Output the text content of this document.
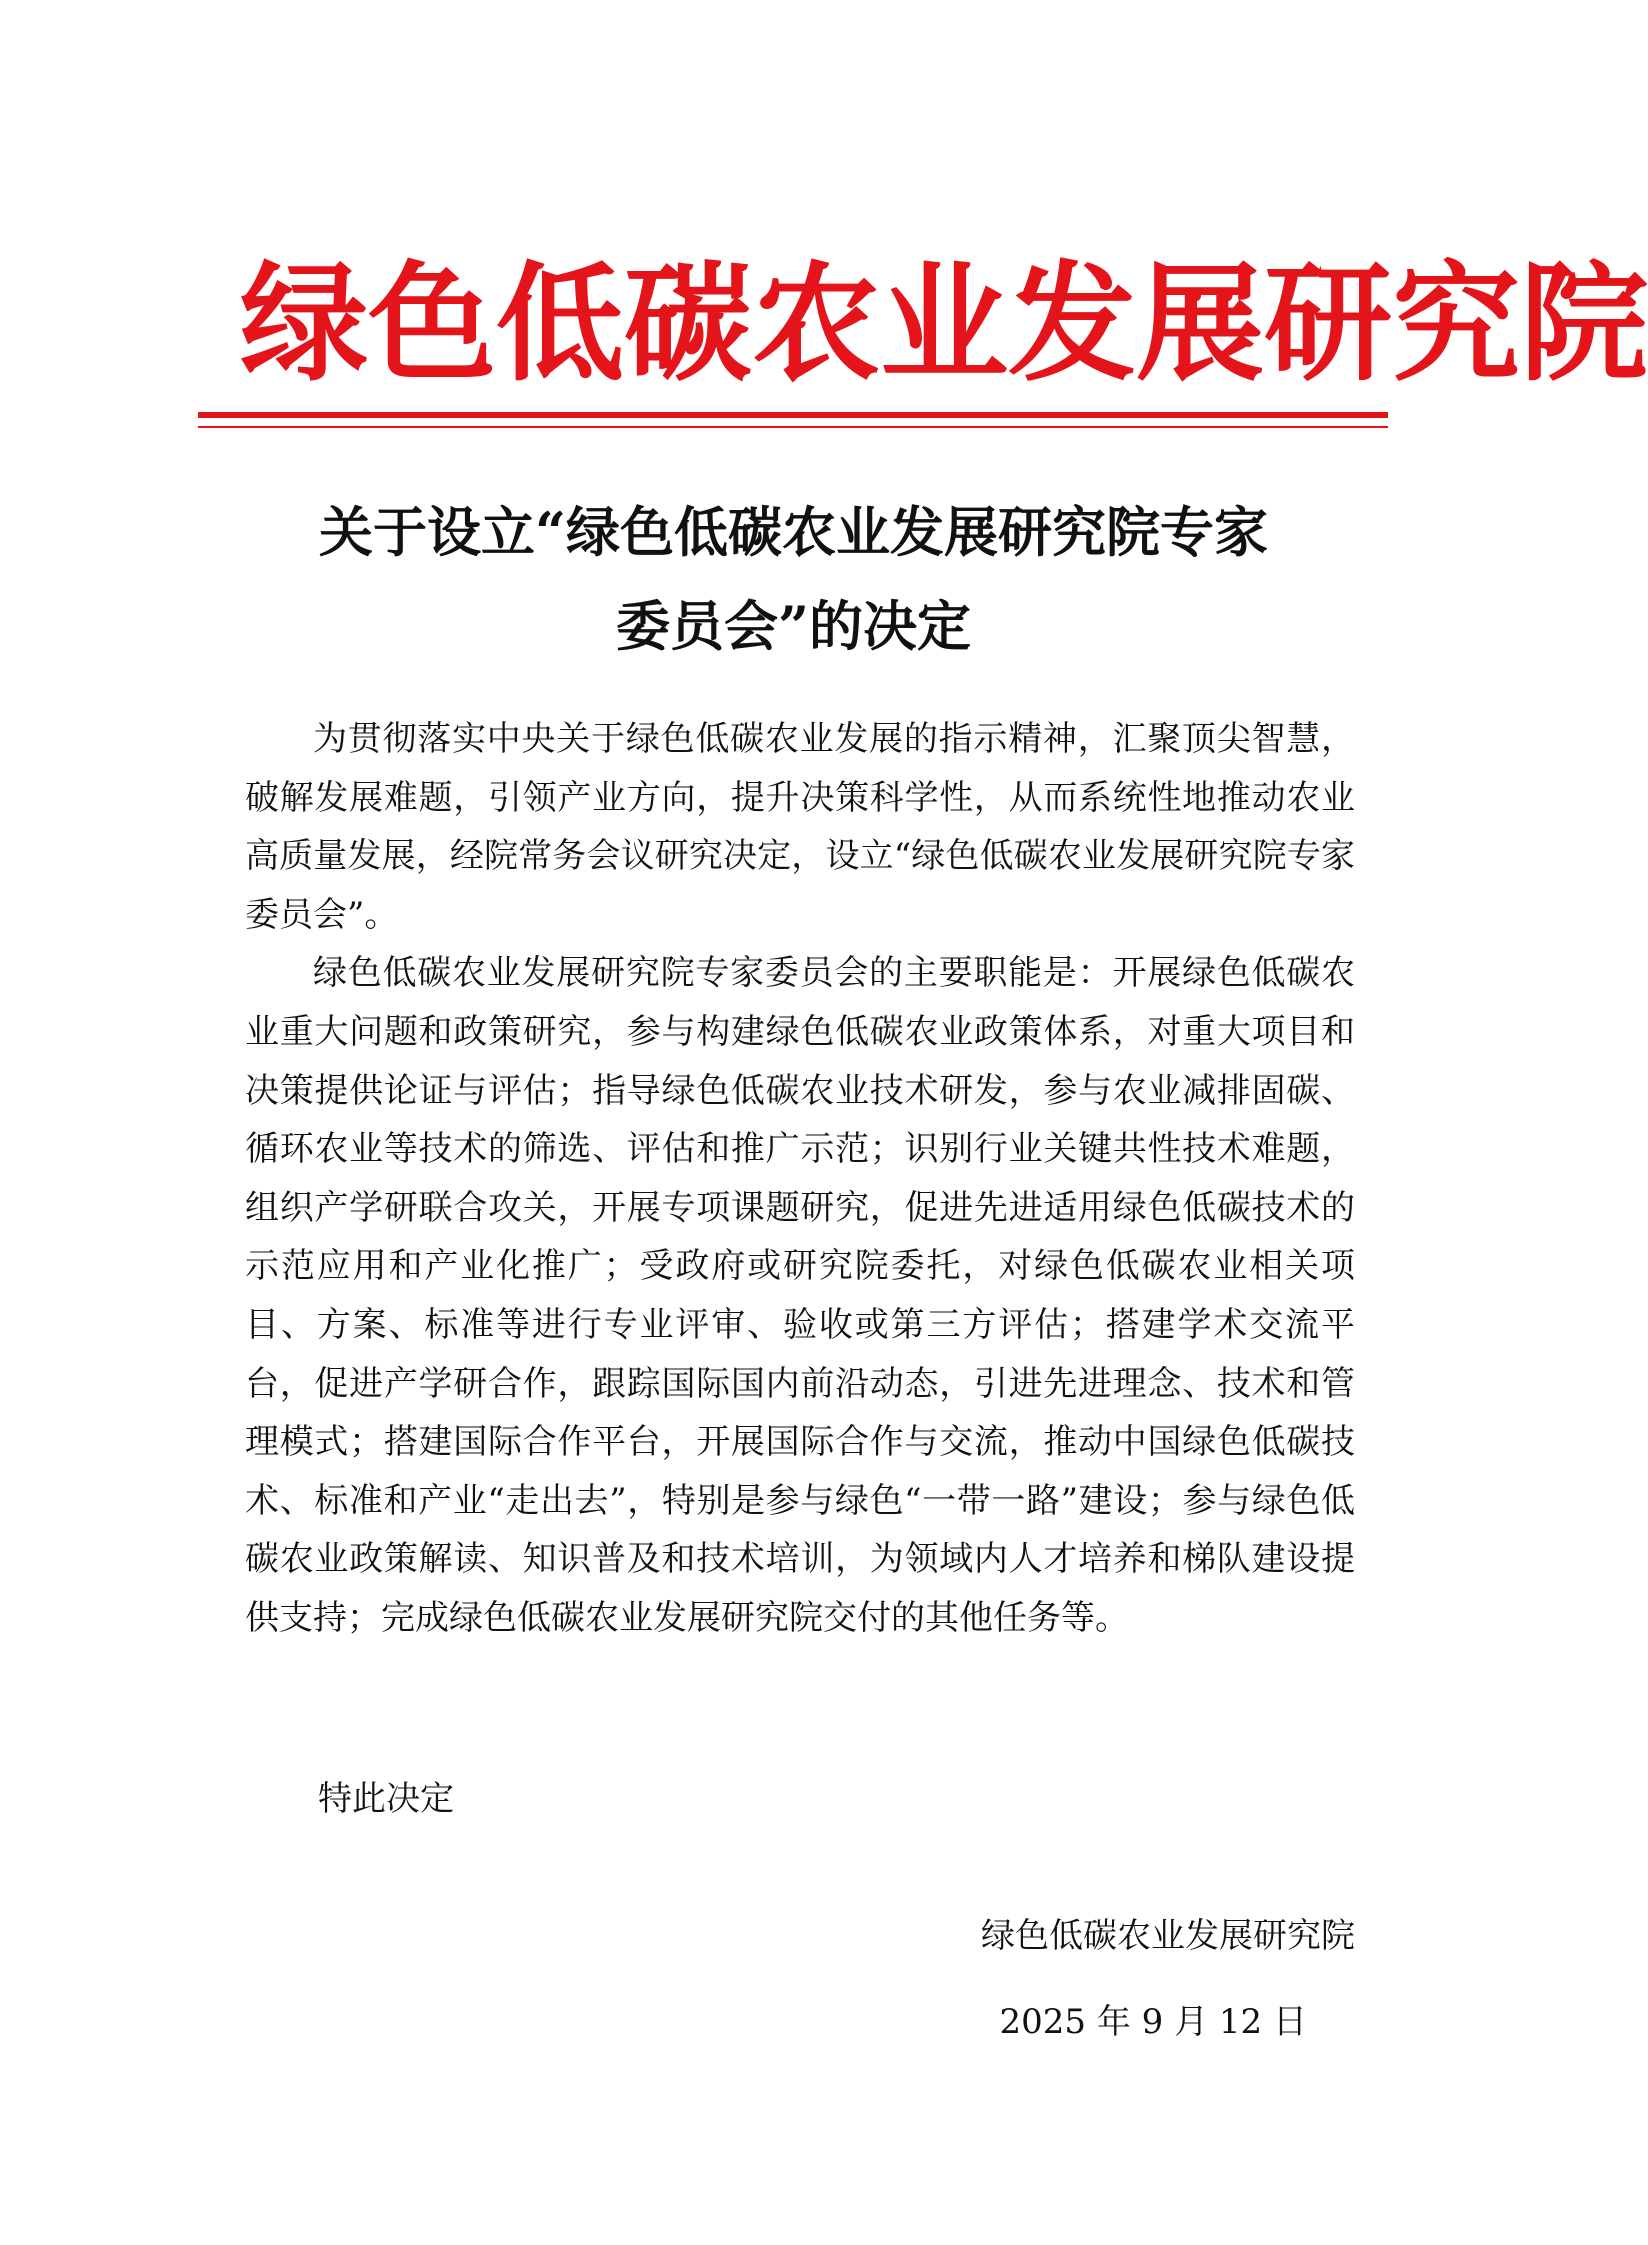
绿 色 低 碳 农 业 发 展 研 究 院
关于设立“绿色低碳农业发展研究院专家
委员会”的决定

为贯彻落实中央关于绿色低碳农业发展的指示精神，汇聚顶尖智慧，破解发展难题，引领产业方向，提升决策科学性，从而系统性地推动农业高质量发展，经院常务会议研究决定，设立“绿色低碳农业发展研究院专家委员会”。

绿色低碳农业发展研究院专家委员会的主要职能是：开展绿色低碳农业重大问题和政策研究，参与构建绿色低碳农业政策体系，对重大项目和决策提供论证与评估；指导绿色低碳农业技术研发，参与农业减排固碳、循环农业等技术的筛选、评估和推广示范；识别行业关键共性技术难题，组织产学研联合攻关，开展专项课题研究，促进先进适用绿色低碳技术的示范应用和产业化推广；受政府或研究院委托，对绿色低碳农业相关项目、方案、标准等进行专业评审、验收或第三方评估；搭建学术交流平台，促进产学研合作，跟踪国际国内前沿动态，引进先进理念、技术和管理模式；搭建国际合作平台，开展国际合作与交流，推动中国绿色低碳技术、标准和产业“走出去”，特别是参与绿色“一带一路”建设；参与绿色低碳农业政策解读、知识普及和技术培训，为领域内人才培养和梯队建设提供支持；完成绿色低碳农业发展研究院交付的其他任务等。

特此决定
绿色低碳农业发展研究院
2025 年 9 月 12 日
